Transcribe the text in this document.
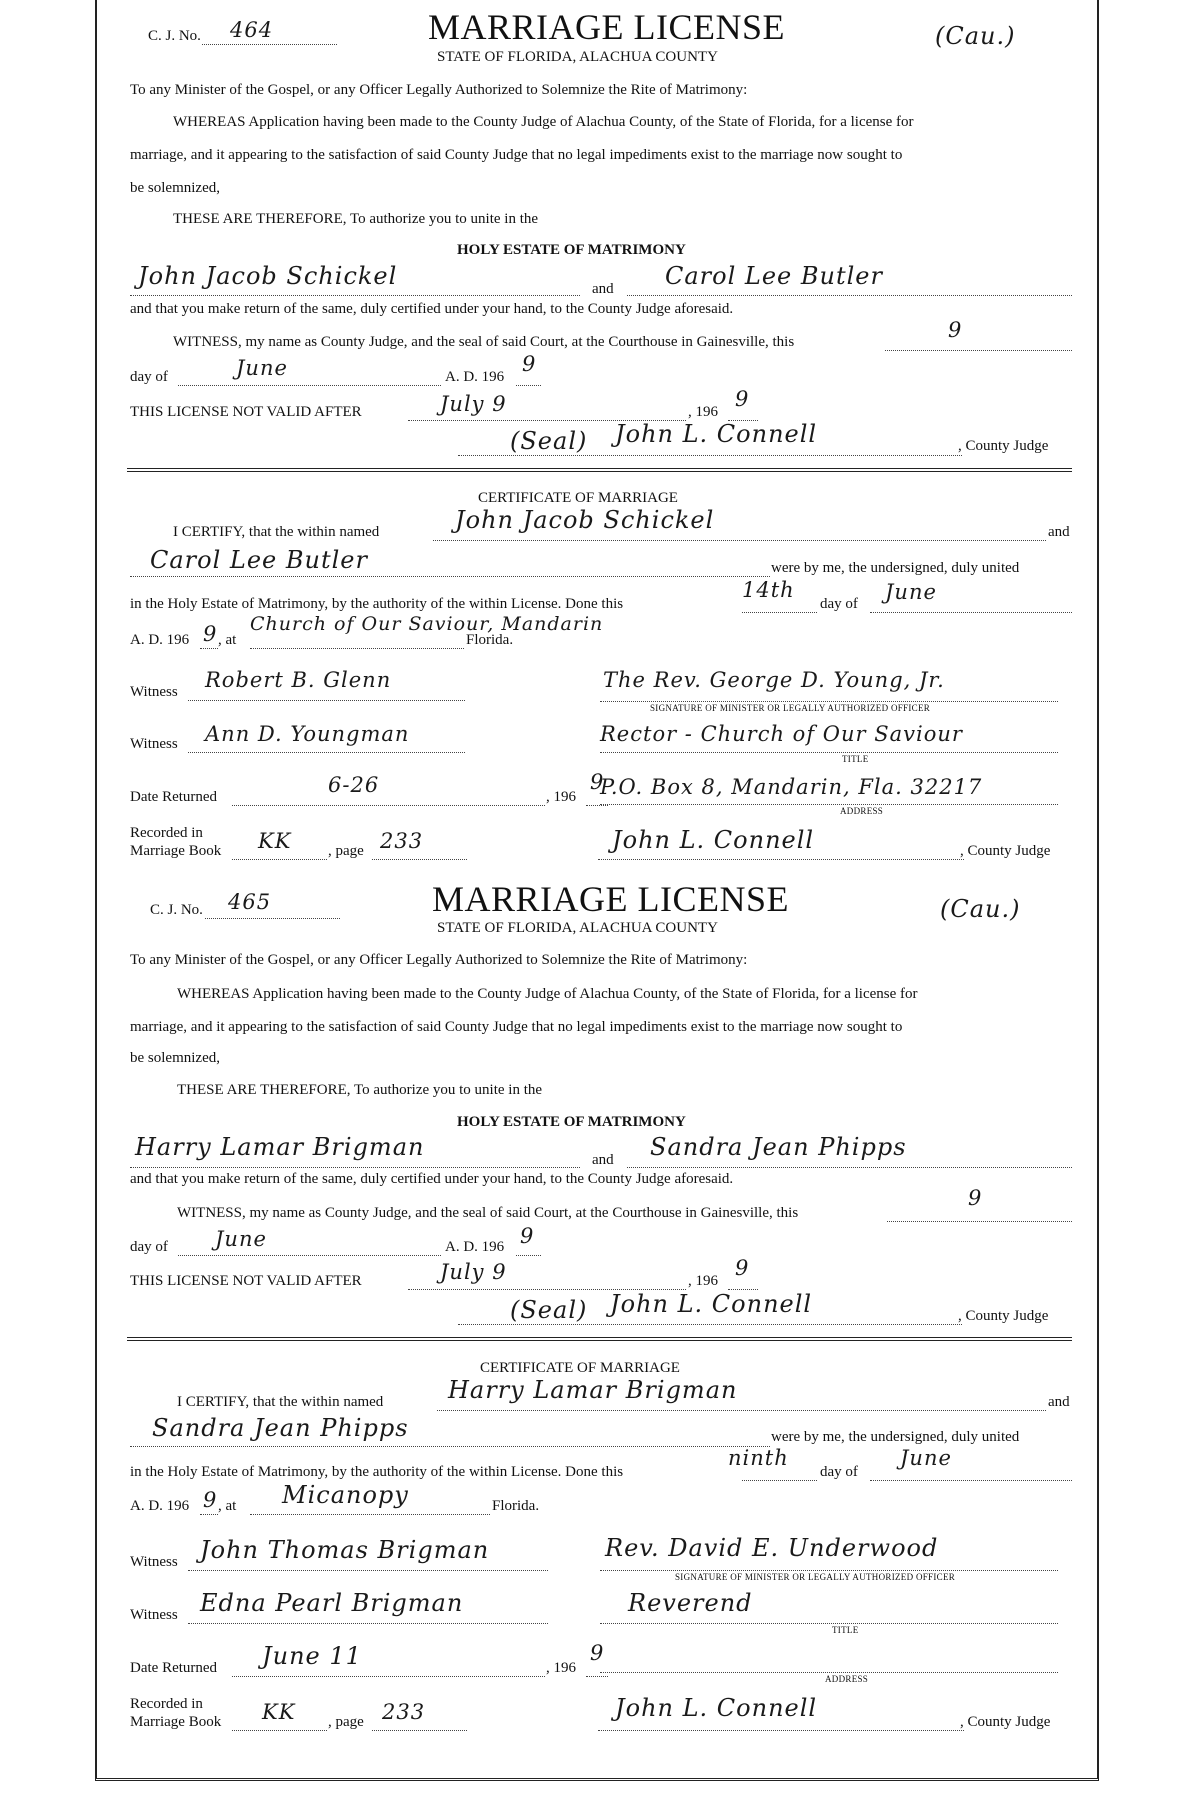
C. J. No. 464	MARRIAGE LICENSE
STATE OF FLORIDA, ALACHUA COUNTY
(Cau.)
To any Minister of the Gospel, or any Officer Legally Authorized to Solemnize the Rite of Matrimony:
WHEREAS Application having been made to the County Judge of Alachua County, of the State of Florida, for a license for
marriage, and it appearing to the satisfaction of said County Judge that no legal impediments exist to the marriage now sought to
be solemnized,
THESE ARE THEREFORE, To authorize you to unite in the
HOLY ESTATE OF MATRIMONY
John Jacob Schickel	and Carol Lee Butler
and that you make return of the same, duly certified under your hand, to the County Judge aforesaid.
WITNESS, my name as County Judge, and the seal of said Court, at the Courthouse in Gainesville, this	9
day of	June	A. D. 196
9
THIS LICENSE NOT VALID AFTER	July 9	, 196
9
(Seal) John L. Connell	, County Judge
CERTIFICATE OF MARRIAGE
I CERTIFY, that the within named	John Jacob Schickel	and
Carol Lee Butler	were by me, the undersigned, duly united
in the Holy Estate of Matrimony, by the authority of the within License. Done this
14th
day of June
A. D. 196 9 , at
Church of Our Saviour, Mandarin
Florida.
Witness Robert B. Glenn	The Rev. George D. Young, Jr.
SIGNATURE OF MINISTER OR LEGALLY AUTHORIZED OFFICER
Witness Ann D. Youngman	Rector - Church of Our Saviour
TITLE
Date Returned	6-26	, 196
9
P.O. Box 8, Mandarin, Fla. 32217
ADDRESS
Recorded in
Marriage Book KK , page 233	John L. Connell	, County Judge
C. J. No. 465	MARRIAGE LICENSE
STATE OF FLORIDA, ALACHUA COUNTY
(Cau.)
To any Minister of the Gospel, or any Officer Legally Authorized to Solemnize the Rite of Matrimony:
WHEREAS Application having been made to the County Judge of Alachua County, of the State of Florida, for a license for
marriage, and it appearing to the satisfaction of said County Judge that no legal impediments exist to the marriage now sought to
be solemnized,
THESE ARE THEREFORE, To authorize you to unite in the
HOLY ESTATE OF MATRIMONY
Harry Lamar Brigman	and Sandra Jean Phipps
and that you make return of the same, duly certified under your hand, to the County Judge aforesaid.
WITNESS, my name as County Judge, and the seal of said Court, at the Courthouse in Gainesville, this
9
day of June	A. D. 196 9
THIS LICENSE NOT VALID AFTER	July 9	, 196
9
(Seal) John L. Connell	, County Judge
CERTIFICATE OF MARRIAGE
I CERTIFY, that the within named	Harry Lamar Brigman	and
Sandra Jean Phipps	were by me, the undersigned, duly united
in the Holy Estate of Matrimony, by the authority of the within License. Done this
ninth
day of
June
A. D. 196 9 , at Micanopy	Florida.
Witness John Thomas Brigman	Rev. David E. Underwood
SIGNATURE OF MINISTER OR LEGALLY AUTHORIZED OFFICER
Witness Edna Pearl Brigman	Reverend
TITLE
Date Returned June 11	, 196
9
ADDRESS
Recorded in
Marriage Book KK , page 233	John L. Connell	, County Judge
